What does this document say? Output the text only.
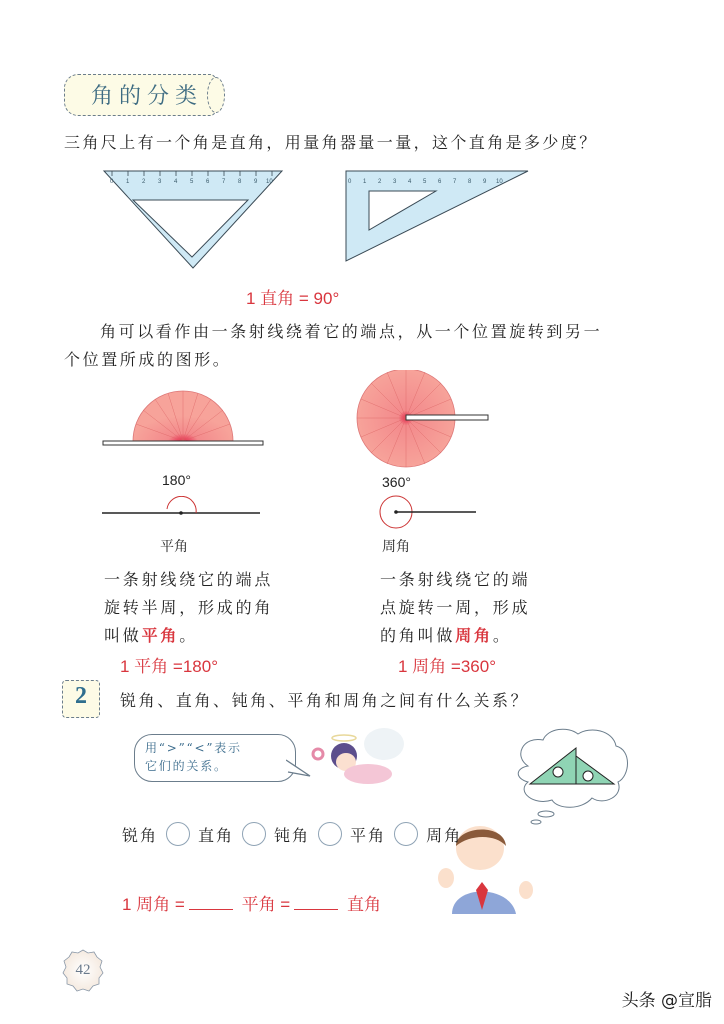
角的分类
三角尺上有一个角是直角，用量角器量一量，这个直角是多少度？
0 1 2 3 4 5 6 7 8 9 10	0 1 2 3 4 5 6 7 8 9 10
1 直角 = 90°
角可以看作由一条射线绕着它的端点，从一个位置旋转到另一
个位置所成的图形。
180°
平角
一条射线绕它的端点
旋转半周，形成的角
叫做平角。
1 平角 =180°
360°
周角
一条射线绕它的端
点旋转一周，形成
的角叫做周角。
1 周角 =360°
2	锐角、直角、钝角、平角和周角之间有什么关系？
用“>”“<”表示
它们的关系。
锐角	直角	钝角	平角	周角
1 周角 =	平角 =	直角
42
头条 @宣脂
